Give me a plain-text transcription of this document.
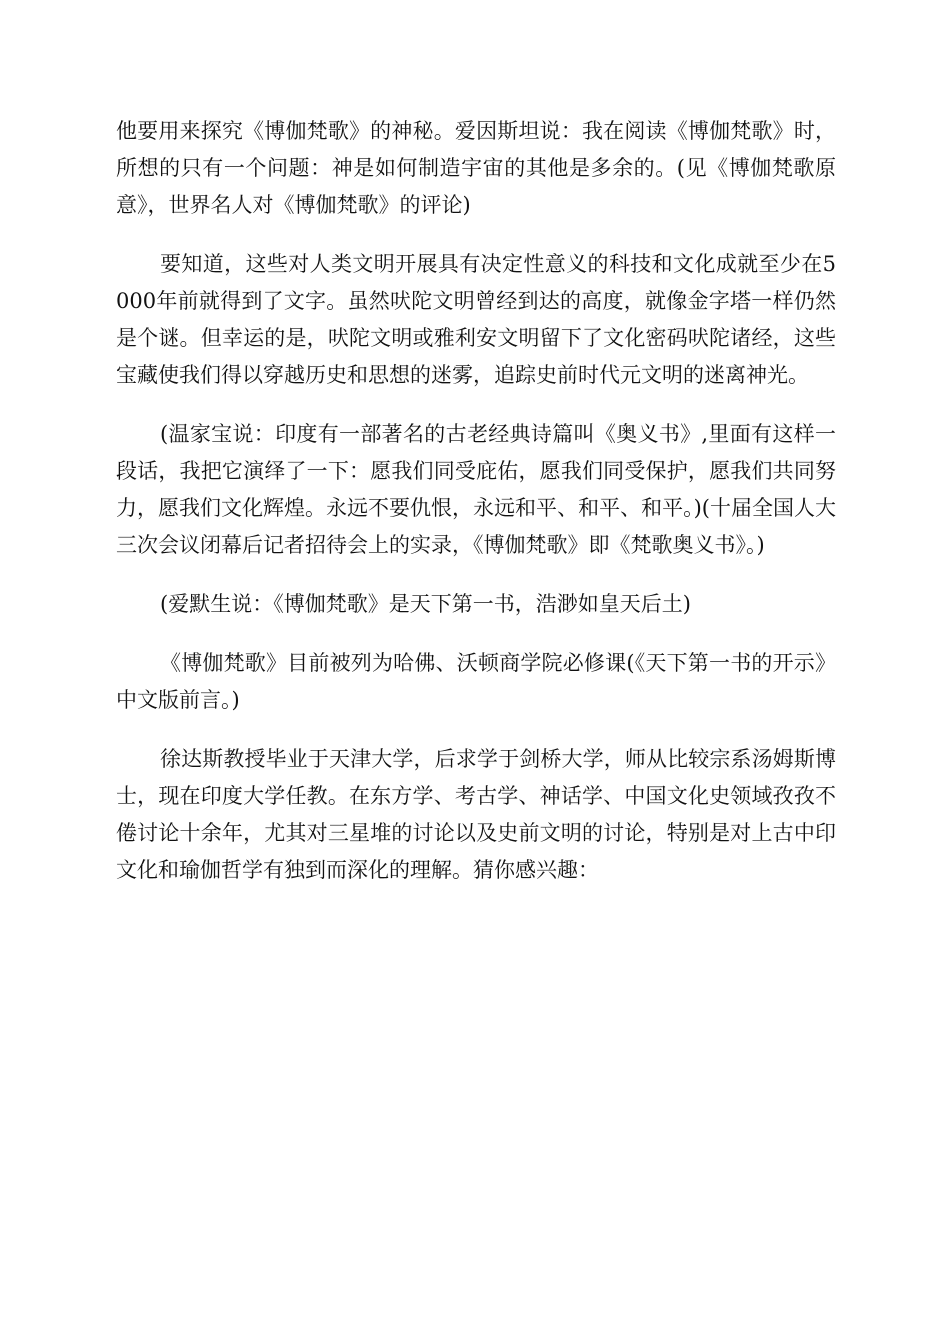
他要用来探究《博伽梵歌》的神秘。爱因斯坦说：我在阅读《博伽梵歌》时，所想的只有一个问题：神是如何制造宇宙的其他是多余的。(见《博伽梵歌原意》，世界名人对《博伽梵歌》的评论)

要知道，这些对人类文明开展具有决定性意义的科技和文化成就至少在5000年前就得到了文字。虽然吠陀文明曾经到达的高度，就像金字塔一样仍然是个谜。但幸运的是，吠陀文明或雅利安文明留下了文化密码吠陀诸经，这些宝藏使我们得以穿越历史和思想的迷雾，追踪史前时代元文明的迷离神光。

(温家宝说：印度有一部著名的古老经典诗篇叫《奥义书》,里面有这样一段话，我把它演绎了一下：愿我们同受庇佑，愿我们同受保护，愿我们共同努力，愿我们文化辉煌。永远不要仇恨，永远和平、和平、和平。)(十届全国人大三次会议闭幕后记者招待会上的实录，《博伽梵歌》即《梵歌奥义书》。)

(爱默生说：《博伽梵歌》是天下第一书，浩渺如皇天后土)

《博伽梵歌》目前被列为哈佛、沃顿商学院必修课(《天下第一书的开示》中文版前言。)

徐达斯教授毕业于天津大学，后求学于剑桥大学，师从比较宗系汤姆斯博士，现在印度大学任教。在东方学、考古学、神话学、中国文化史领域孜孜不倦讨论十余年，尤其对三星堆的讨论以及史前文明的讨论，特别是对上古中印文化和瑜伽哲学有独到而深化的理解。猜你感兴趣：
